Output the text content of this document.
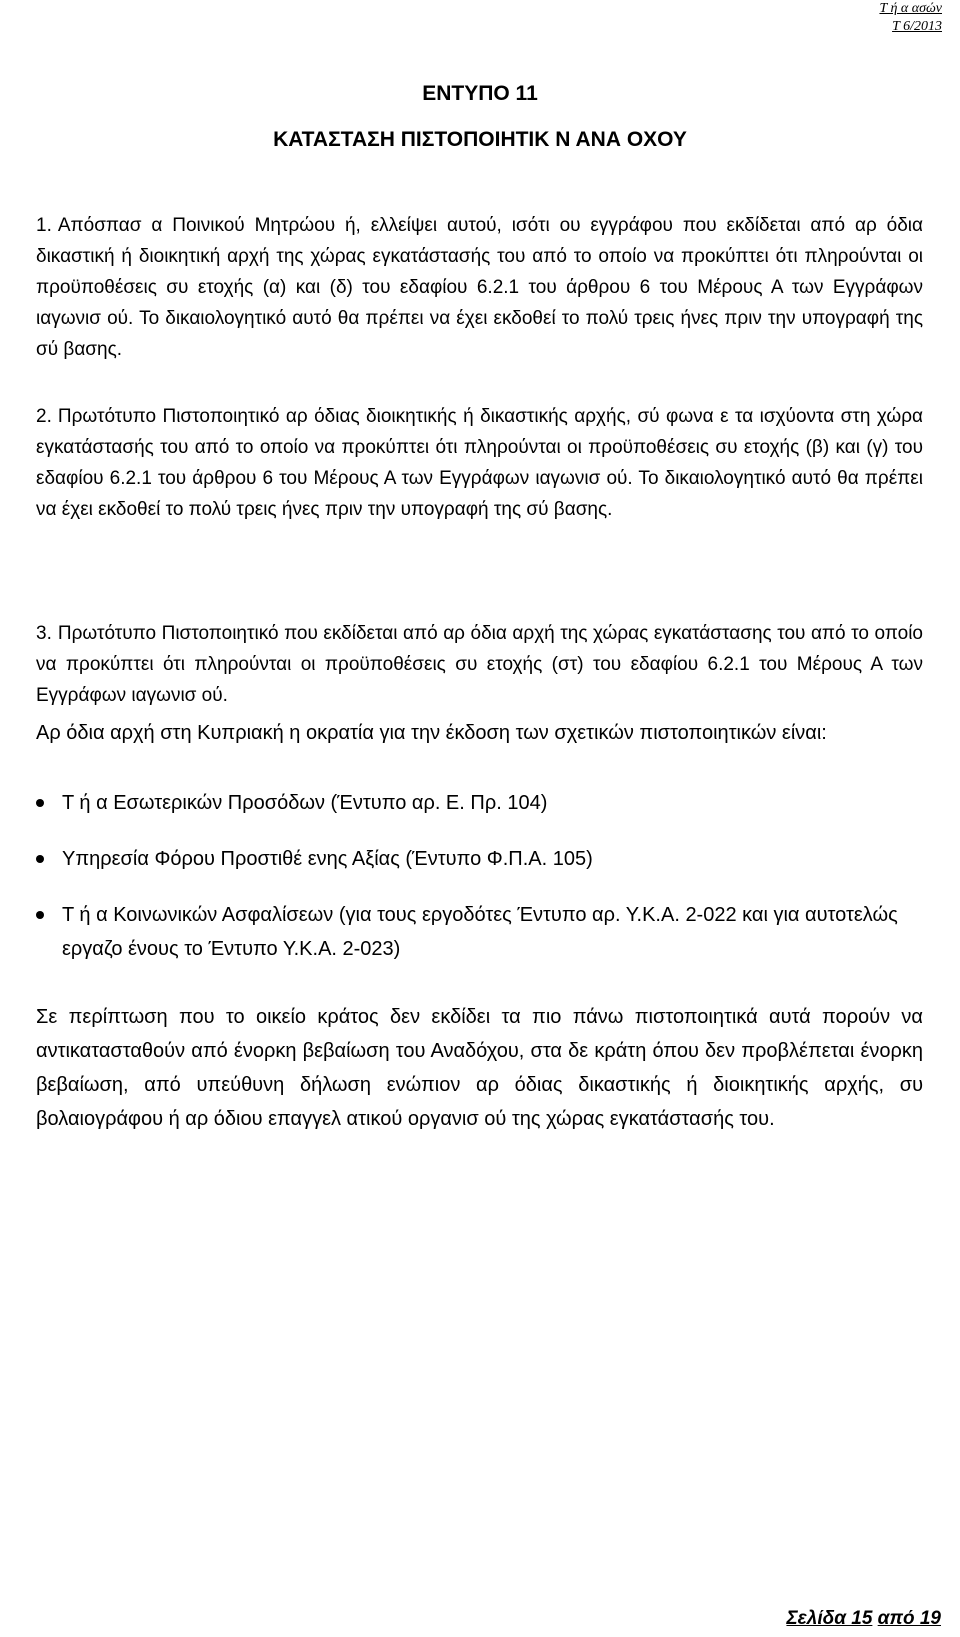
Τ ή α ασών
Τ 6/2013
ΕΝΤΥΠΟ 11
ΚΑΤΑΣΤΑΣΗ ΠΙΣΤΟΠΟΙΗΤΙΚ Ν ΑΝΑ ΟΧΟΥ

1. Απόσπασ α Ποινικού Μητρώου ή, ελλείψει αυτού, ισότι ου εγγράφου που εκδίδεται από αρ όδια δικαστική ή διοικητική αρχή της χώρας εγκατάστασής του από το οποίο να προκύπτει ότι πληρούνται οι προϋποθέσεις συ ετοχής (α) και (δ) του εδαφίου 6.2.1 του άρθρου 6 του Μέρους Α των Εγγράφων ιαγωνισ ού. Το δικαιολογητικό αυτό θα πρέπει να έχει εκδοθεί το πολύ τρεις ήνες πριν την υπογραφή της σύ βασης.

2. Πρωτότυπο Πιστοποιητικό αρ όδιας διοικητικής ή δικαστικής αρχής, σύ φωνα ε τα ισχύοντα στη χώρα εγκατάστασής του από το οποίο να προκύπτει ότι πληρούνται οι προϋποθέσεις συ ετοχής (β) και (γ) του εδαφίου 6.2.1 του άρθρου 6 του Μέρους Α των Εγγράφων ιαγωνισ ού. Το δικαιολογητικό αυτό θα πρέπει να έχει εκδοθεί το πολύ τρεις ήνες πριν την υπογραφή της σύ βασης.

3. Πρωτότυπο Πιστοποιητικό που εκδίδεται από αρ όδια αρχή της χώρας εγκατάστασης του από το οποίο να προκύπτει ότι πληρούνται οι προϋποθέσεις συ ετοχής (στ) του εδαφίου 6.2.1 του Μέρους Α των Εγγράφων ιαγωνισ ού.

Αρ όδια αρχή στη Κυπριακή η οκρατία για την έκδοση των σχετικών πιστοποιητικών είναι:

Τ ή α Εσωτερικών Προσόδων (Έντυπο αρ. Ε. Πρ. 104)
Υπηρεσία Φόρου Προστιθέ ενης Αξίας (Έντυπο Φ.Π.Α. 105)
Τ ή α Κοινωνικών Ασφαλίσεων (για τους εργοδότες Έντυπο αρ. Υ.Κ.Α. 2-022 και για αυτοτελώς εργαζο ένους το Έντυπο Υ.Κ.Α. 2-023)

Σε περίπτωση που το οικείο κράτος δεν εκδίδει τα πιο πάνω πιστοποιητικά αυτά πορούν να αντικατασταθούν από ένορκη βεβαίωση του Αναδόχου, στα δε κράτη όπου δεν προβλέπεται ένορκη βεβαίωση, από υπεύθυνη δήλωση ενώπιον αρ όδιας δικαστικής ή διοικητικής αρχής, συ βολαιογράφου ή αρ όδιου επαγγελ ατικού οργανισ ού της χώρας εγκατάστασής του.

Σελίδα 15 από 19
